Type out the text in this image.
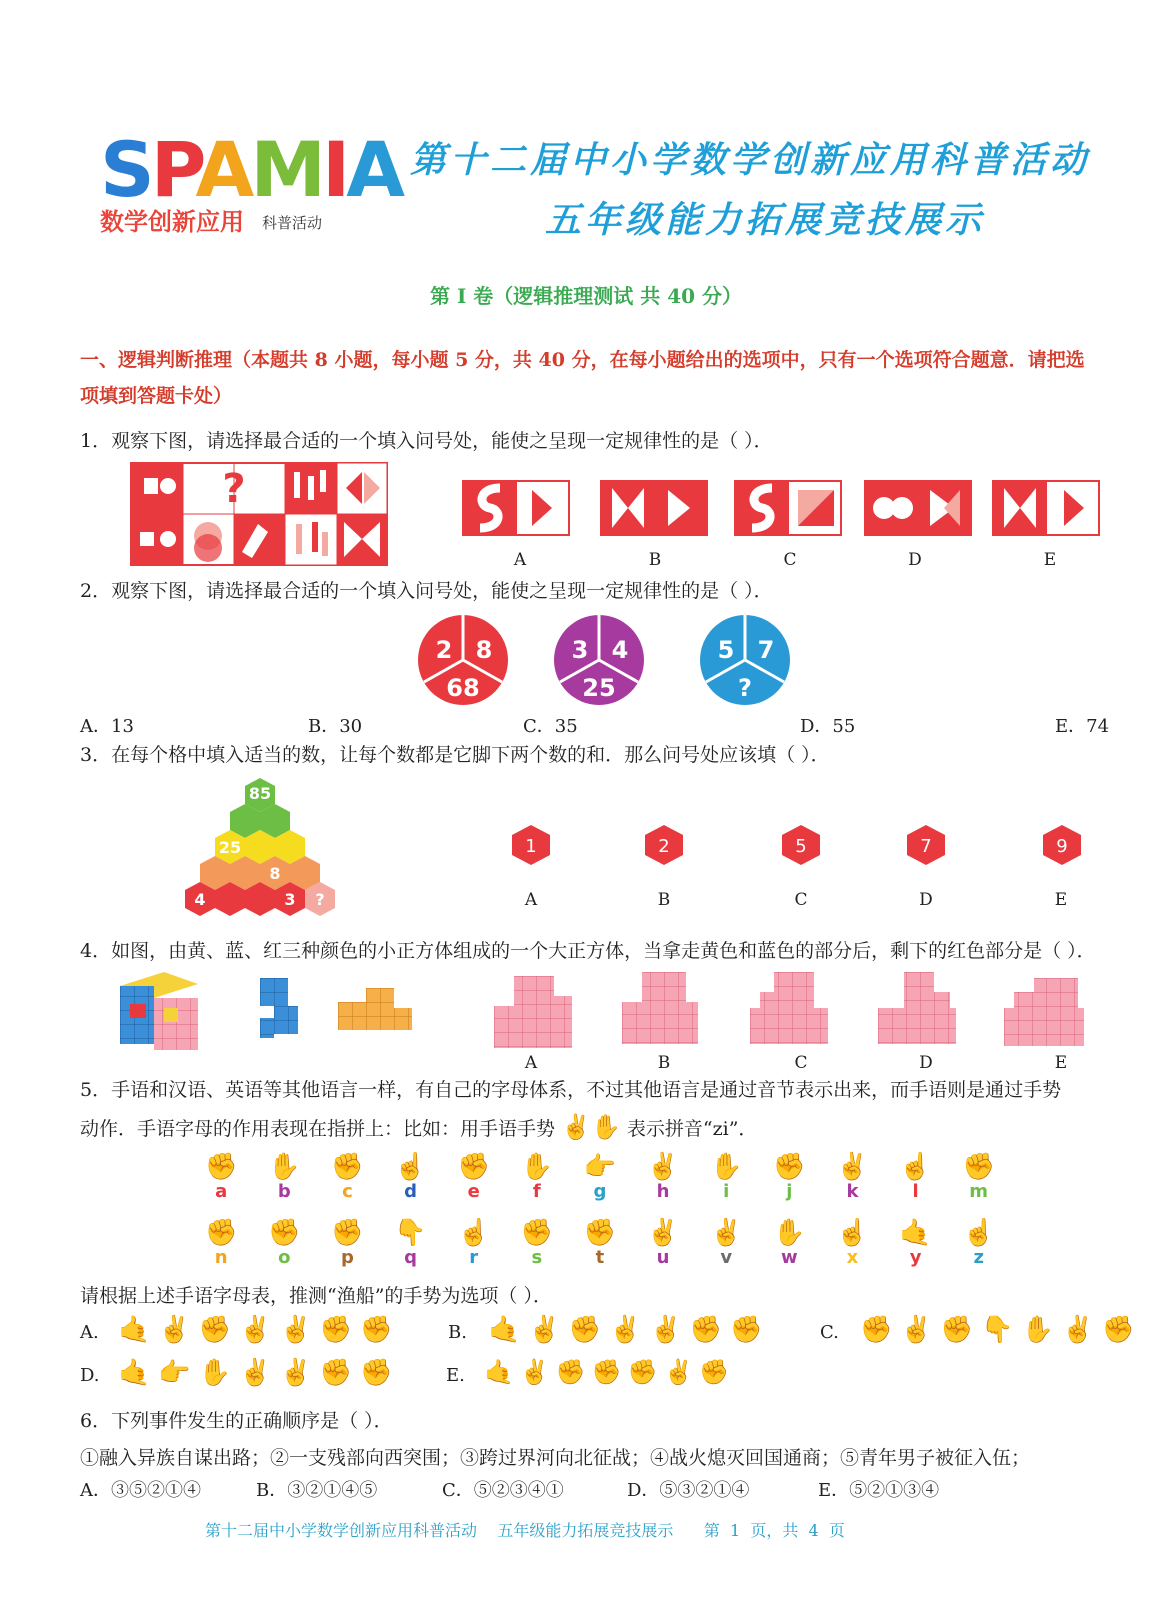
SPAMIA
数学创新应用 科普活动
第十二届中小学数学创新应用科普活动
五年级能力拓展竞技展示
第 I 卷（逻辑推理测试 共 40 分）
一、逻辑判断推理（本题共 8 小题，每小题 5 分，共 40 分，在每小题给出的选项中，只有一个选项符合题意．请把选
项填到答题卡处）
1．观察下图，请选择最合适的一个填入问号处，能使之呈现一定规律性的是（ ）．
?
A	B	C	D	E
2．观察下图，请选择最合适的一个填入问号处，能使之呈现一定规律性的是（ ）．
2 8
68
3 4
25
5 7
?
A．13	B．30	C．35	D．55	E．74
3．在每个格中填入适当的数，让每个数都是它脚下两个数的和．那么问号处应该填（ ）．
85
25
8
4	3 ?
1	2	5	7	9
A	B	C	D	E
4．如图，由黄、蓝、红三种颜色的小正方体组成的一个大正方体，当拿走黄色和蓝色的部分后，剩下的红色部分是（ ）．
A	B	C	D	E
5．手语和汉语、英语等其他语言一样，有自己的字母体系，不过其他语言是通过音节表示出来，而手语则是通过手势
动作．手语字母的作用表现在指拼上：比如：用手语手势 ✌✋ 表示拼音“zi”．
✊
a
✋
b
✊
c
☝
d
✊
e
✋
f
👉
g
✌
h
✋
i
✊
j
✌
k
☝
l
✊
m
✊
n
✊
o
✊
p
👇
q
☝
r
✊
s
✊
t
✌
u
✌
v
✋
w
☝
x
🤙
y
☝
z
请根据上述手语字母表，推测“渔船”的手势为选项（ ）．
A. 🤙✌✊✌✌✊✊	B. 🤙✌✊✌✌✊✊	C. ✊✌✊👇✋✌✊
D. 🤙👉✋✌✌✊✊	E. 🤙✌✊✊✊✌✊
6．下列事件发生的正确顺序是（ ）．
①融入异族自谋出路；②一支残部向西突围；③跨过界河向北征战；④战火熄灭回国通商；⑤青年男子被征入伍；
A．③⑤②①④	B．③②①④⑤	C．⑤②③④①	D．⑤③②①④	E．⑤②①③④
第十二届中小学数学创新应用科普活动    五年级能力拓展竞技展示      第  1  页，共  4  页
